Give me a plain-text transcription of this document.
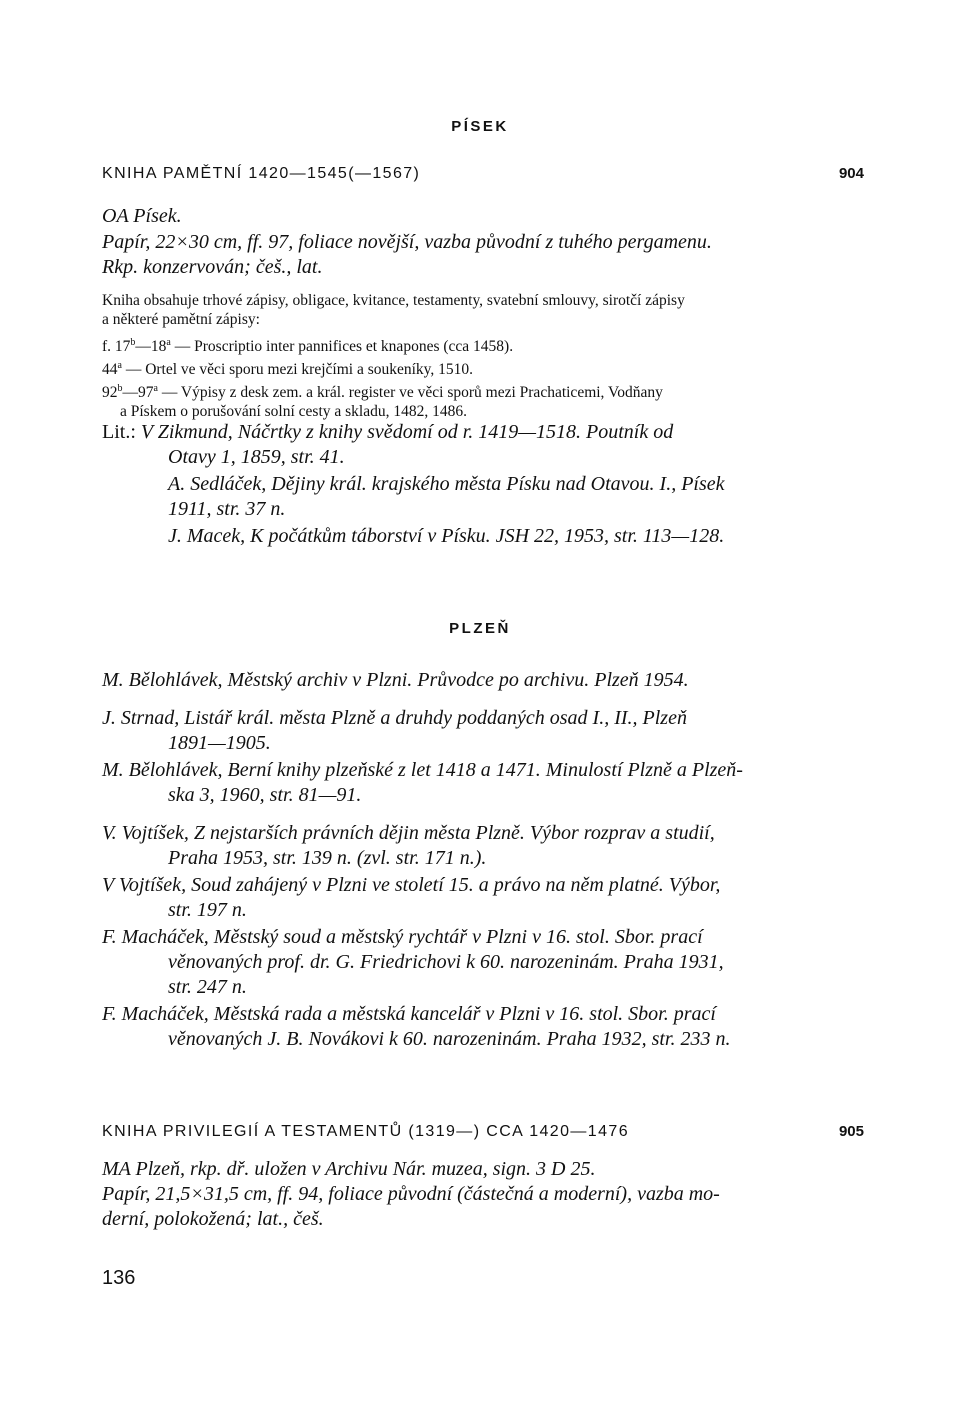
PÍSEK
KNIHA PAMĚTNÍ 1420—1545(—1567)	904
OA Písek.
Papír, 22×30 cm, ff. 97, foliace novější, vazba původní z tuhého pergamenu.
Rkp. konzervován; češ., lat.
Kniha obsahuje trhové zápisy, obligace, kvitance, testamenty, svatební smlouvy, sirotčí zápisy
a některé pamětní zápisy:
f. 17$^b$—18$^a$ — Proscriptio inter pannifices et knapones (cca 1458).
44$^a$ — Ortel ve věci sporu mezi krejčími a soukeníky, 1510.
92$^b$—97$^a$ — Výpisy z desk zem. a král. register ve věci sporů mezi Prachaticemi, Vodňany
a Pískem o porušování solní cesty a skladu, 1482, 1486.
Lit.: V Zikmund, Náčrtky z knihy svědomí od r. 1419—1518. Poutník od
Otavy 1, 1859, str. 41.
A. Sedláček, Dějiny král. krajského města Písku nad Otavou. I., Písek
1911, str. 37 n.
J. Macek, K počátkům táborství v Písku. JSH 22, 1953, str. 113—128.
PLZEŇ
M. Bělohlávek, Městský archiv v Plzni. Průvodce po archivu. Plzeň 1954.
J. Strnad, Listář král. města Plzně a druhdy poddaných osad I., II., Plzeň
1891—1905.
M. Bělohlávek, Berní knihy plzeňské z let 1418 a 1471. Minulostí Plzně a Plzeň-
ska 3, 1960, str. 81—91.
V. Vojtíšek, Z nejstarších právních dějin města Plzně. Výbor rozprav a studií,
Praha 1953, str. 139 n. (zvl. str. 171 n.).
V Vojtíšek, Soud zahájený v Plzni ve století 15. a právo na něm platné. Výbor,
str. 197 n.
F. Macháček, Městský soud a městský rychtář v Plzni v 16. stol. Sbor. prací
věnovaných prof. dr. G. Friedrichovi k 60. narozeninám. Praha 1931,
str. 247 n.
F. Macháček, Městská rada a městská kancelář v Plzni v 16. stol. Sbor. prací
věnovaných J. B. Novákovi k 60. narozeninám. Praha 1932, str. 233 n.
KNIHA PRIVILEGIÍ A TESTAMENTŮ (1319—) CCA 1420—1476	905
MA Plzeň, rkp. dř. uložen v Archivu Nár. muzea, sign. 3 D 25.
Papír, 21,5×31,5 cm, ff. 94, foliace původní (částečná a moderní), vazba mo-
derní, polokožená; lat., češ.
136
